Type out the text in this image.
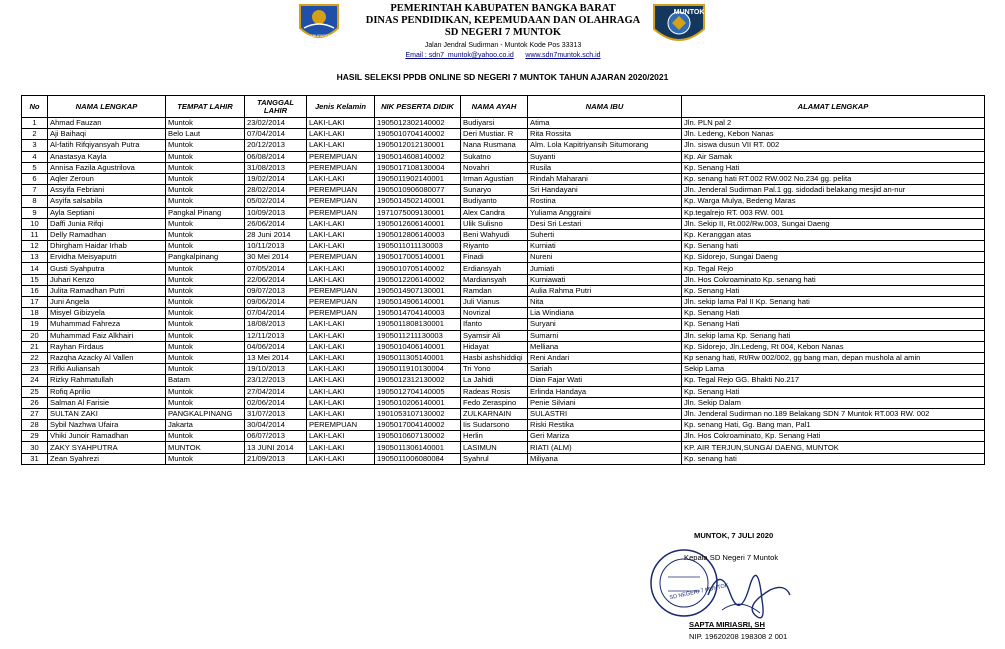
KABUPATEN
PEMERINTAH KABUPATEN BANGKA BARAT
DINAS PENDIDIKAN, KEPEMUDAAN DAN OLAHRAGA
SD NEGERI 7 MUNTOK
Jalan Jendral Sudirman - Muntok Kode Pos 33313
Email : sdn7_muntok@yahoo.co.id www.sdn7muntok.sch.id
MUNTOK 7
HASIL SELEKSI PPDB ONLINE SD NEGERI 7 MUNTOK TAHUN AJARAN 2020/2021
No	NAMA LENGKAP	TEMPAT LAHIR	TANGGAL LAHIR	Jenis Kelamin	NIK PESERTA DIDIK	NAMA AYAH	NAMA IBU	ALAMAT LENGKAP
1	Ahmad Fauzan	Muntok	23/02/2014	LAKI-LAKI	1905012302140002	Budiyarsi	Atima	Jln. PLN pal 2
2	Aji Baihaqi	Belo Laut	07/04/2014	LAKI-LAKI	1905010704140002	Deri Mustiar. R	Rita Rossita	Jln. Ledeng, Kebon Nanas
3	Al-fatih Rifqiyansyah Putra	Muntok	20/12/2013	LAKI-LAKI	1905012012130001	Nana Rusmana	Alm. Lola Kapitriyansih Situmorang	Jln. siswa dusun VII RT. 002
4	Anastasya Kayla	Muntok	06/08/2014	PEREMPUAN	1905014608140002	Sukatno	Suyanti	Kp. Air Samak
5	Annisa Fazila Agustrilova	Muntok	31/08/2013	PEREMPUAN	1905017108130004	Novahri	Rusila	Kp. Senang Hati
6	Aqler Zeroun	Muntok	19/02/2014	LAKI-LAKI	1905011902140001	Irman Agustian	Rindah Maharani	Kp. senang hati RT.002 RW.002 No.234 gg. pelita
7	Assyifa Febriani	Muntok	28/02/2014	PEREMPUAN	1905010906080077	Sunaryo	Sri Handayani	Jln. Jenderal Sudirman Pal.1 gg. sidodadi belakang mesjid an-nur
8	Asyifa salsabila	Muntok	05/02/2014	PEREMPUAN	1905014502140001	Budiyanto	Rostina	Kp. Warga Mulya, Bedeng Maras
9	Ayla Septiani	Pangkal Pinang	10/09/2013	PEREMPUAN	1971075009130001	Alex Candra	Yuliama Anggraini	Kp.tegalrejo RT. 003 RW. 001
10	Daffi Junia Rifqi	Muntok	26/06/2014	LAKI-LAKI	1905012606140001	Ulik Sulisno	Desi Sri Lestari	Jln. Sekip II, Rt.002/Rw.003, Sungai Daeng
11	Delly Ramadhan	Muntok	28 Juni 2014	LAKI-LAKI	1905012806140003	Beni Wahyudi	Suherti	Kp. Keranggan atas
12	Dhirgham Haidar Irhab	Muntok	10/11/2013	LAKI-LAKI	1905011011130003	Riyanto	Kurniati	Kp. Senang hati
13	Ervidha Meisyaputri	Pangkalpinang	30 Mei 2014	PEREMPUAN	1905017005140001	Finadi	Nureni	Kp. Sidorejo, Sungai Daeng
14	Gusti Syahputra	Muntok	07/05/2014	LAKI-LAKI	1905010705140002	Erdiansyah	Jumiati	Kp. Tegal Rejo
15	Juhari Kenzo	Muntok	22/06/2014	LAKI-LAKI	1905012206140002	Mardiansyah	Kurniawati	Jln. Hos Cokroaminato Kp. senang hati
16	Julita Ramadhan Putri	Muntok	09/07/2013	PEREMPUAN	1905014907130001	Ramdan	Aulia Rahma Putri	Kp. Senang Hati
17	Juni Angela	Muntok	09/06/2014	PEREMPUAN	1905014906140001	Juli Vianus	Nita	Jln. sekip lama Pal II Kp. Senang hati
18	Misyel Gibizyela	Muntok	07/04/2014	PEREMPUAN	1905014704140003	Novrizal	Lia Windiana	Kp. Senang Hati
19	Muhammad Fahreza	Muntok	18/08/2013	LAKI-LAKI	1905011808130001	Ifanto	Suryani	Kp. Senang Hati
20	Muhammad Faiz Alkhairi	Muntok	12/11/2013	LAKI-LAKI	1905011211130003	Syamsir Ali	Sumarni	Jln. sekip lama Kp. Senang hati
21	Rayhan Firdaus	Muntok	04/06/2014	LAKI-LAKI	1905010406140001	Hidayat	Melliana	Kp. Sidorejo, Jln.Ledeng, Rt 004, Kebon Nanas
22	Razqha Azacky Al Vallen	Muntok	13 Mei 2014	LAKI-LAKI	1905011305140001	Hasbi ashshiddiqi	Reni Andari	Kp senang hati, Rt/Rw 002/002, gg bang man, depan mushola al amin
23	Rifki Auliansah	Muntok	19/10/2013	LAKI-LAKI	1905011910130004	Tri Yono	Sariah	Sekip Lama
24	Rizky Rahmatullah	Batam	23/12/2013	LAKI-LAKI	1905012312130002	La Jahidi	Dian Fajar Wati	Kp. Tegal Rejo GG. Bhakti No.217
25	Rofiq Aprilio	Muntok	27/04/2014	LAKI-LAKI	1905012704140005	Radeas Rosis	Erlinda Handaya	Kp. Senang Hati
26	Salman Al Farisie	Muntok	02/06/2014	LAKI-LAKI	1905010206140001	Fedo Zeraspino	Penie Silviani	Jln. Sekip Dalam
27	SULTAN ZAKI	PANGKALPINANG	31/07/2013	LAKI-LAKI	1901053107130002	ZULKARNAIN	SULASTRI	Jln. Jenderal Sudirman no.189 Belakang SDN 7 Muntok RT.003 RW. 002
28	Sybil Nazhwa Ufaira	Jakarta	30/04/2014	PEREMPUAN	1905017004140002	Iis Sudarsono	Riski Restika	Kp. senang Hati, Gg. Bang man, Pal1
29	Vhiki Junoir Ramadhan	Muntok	06/07/2013	LAKI-LAKI	1905010607130002	Herlin	Geri Mariza	Jln. Hos Cokroaminato, Kp. Senang Hati
30	ZAKY SYAHPUTRA	MUNTOK	13 JUNI 2014	LAKI-LAKI	1905011306140001	LASIMUN	RIATI (ALM)	KP. AIR TERJUN,SUNGAI DAENG, MUNTOK
31	Zean Syahrezi	Muntok	21/09/2013	LAKI-LAKI	1905011006080084	Syahrul	Miliyana	Kp. senang hati
SD NEGERI 7 MUNTOK
MUNTOK, 7 JULI 2020
Kepala SD Negeri 7 Muntok
SAPTA MIRIASRI, SH
NIP. 19620208 198308 2 001
